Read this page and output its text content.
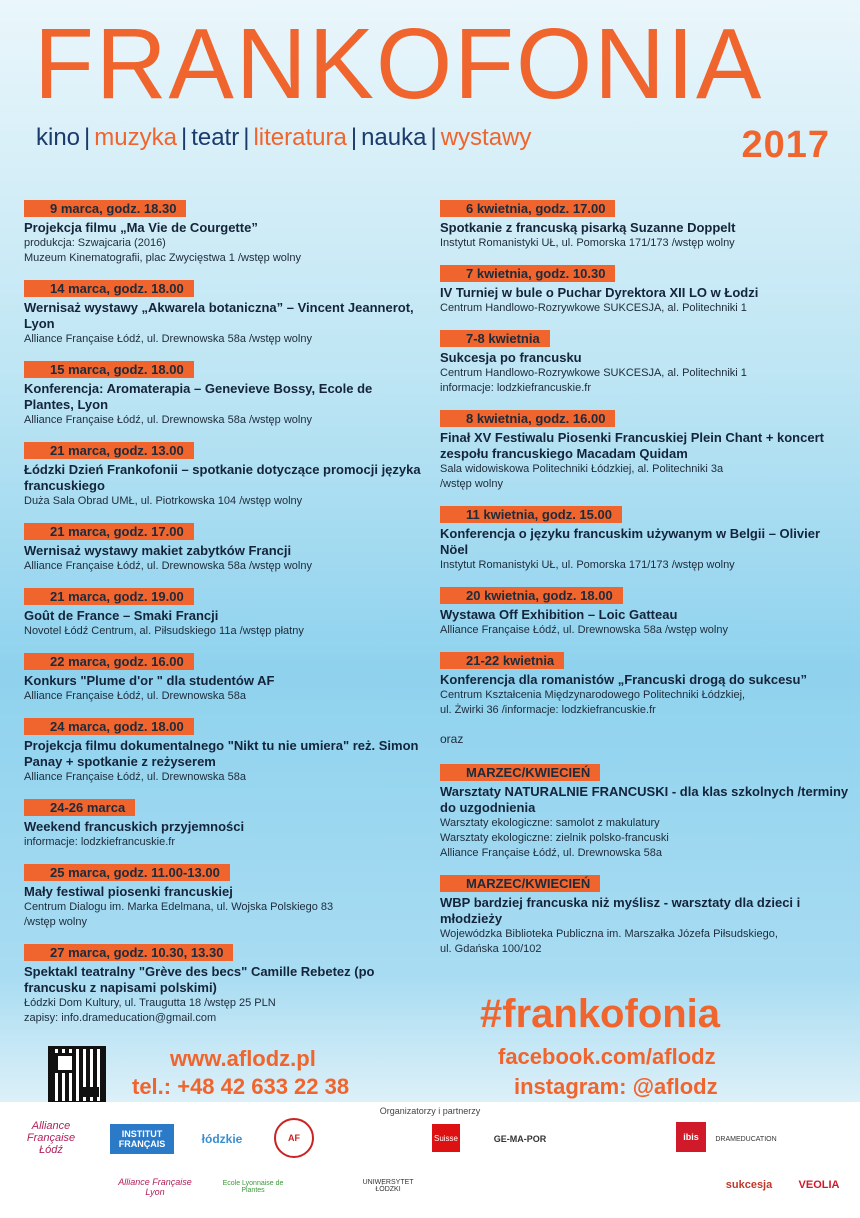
FRANKOFONIA
kino | muzyka | teatr | literatura | nauka | wystawy	2017
9 marca, godz. 18.30
Projekcja filmu „Ma Vie de Courgette”
produkcja: Szwajcaria (2016)
Muzeum Kinematografii, plac Zwycięstwa 1 /wstęp wolny
14 marca, godz. 18.00
Wernisaż wystawy „Akwarela botaniczna” – Vincent Jeannerot, Lyon
Alliance Française Łódź, ul. Drewnowska 58a /wstęp wolny
15 marca, godz. 18.00
Konferencja: Aromaterapia – Genevieve Bossy, Ecole de Plantes, Lyon
Alliance Française Łódź, ul. Drewnowska 58a /wstęp wolny
21 marca, godz. 13.00
Łódzki Dzień Frankofonii – spotkanie dotyczące promocji języka francuskiego
Duża Sala Obrad UMŁ, ul. Piotrkowska 104 /wstęp wolny
21 marca, godz. 17.00
Wernisaż wystawy makiet zabytków Francji
Alliance Française Łódź, ul. Drewnowska 58a /wstęp wolny
21 marca, godz. 19.00
Goût de France – Smaki Francji
Novotel Łódź Centrum, al. Piłsudskiego 11a /wstęp płatny
22 marca, godz. 16.00
Konkurs "Plume d'or " dla studentów AF
Alliance Française Łódź, ul. Drewnowska 58a
24 marca, godz. 18.00
Projekcja filmu dokumentalnego "Nikt tu nie umiera" reż. Simon Panay + spotkanie z reżyserem
Alliance Française Łódź, ul. Drewnowska 58a
24-26 marca
Weekend francuskich przyjemności
informacje: lodzkiefrancuskie.fr
25 marca, godz. 11.00-13.00
Mały festiwal piosenki francuskiej
Centrum Dialogu im. Marka Edelmana, ul. Wojska Polskiego 83
/wstęp wolny
27 marca, godz. 10.30, 13.30
Spektakl teatralny "Grève des becs" Camille Rebetez (po francusku z napisami polskimi)
Łódzki Dom Kultury, ul. Traugutta 18 /wstęp 25 PLN
zapisy: info.drameducation@gmail.com
6 kwietnia, godz. 17.00
Spotkanie z francuską pisarką Suzanne Doppelt
Instytut Romanistyki UŁ, ul. Pomorska 171/173 /wstęp wolny
7 kwietnia, godz. 10.30
IV Turniej w bule o Puchar Dyrektora XII LO w Łodzi
Centrum Handlowo-Rozrywkowe SUKCESJA, al. Politechniki 1
7-8 kwietnia
Sukcesja po francusku
Centrum Handlowo-Rozrywkowe SUKCESJA, al. Politechniki 1
informacje: lodzkiefrancuskie.fr
8 kwietnia, godz. 16.00
Finał XV Festiwalu Piosenki Francuskiej Plein Chant + koncert zespołu francuskiego Macadam Quidam
Sala widowiskowa Politechniki Łódzkiej, al. Politechniki 3a
/wstęp wolny
11 kwietnia, godz. 15.00
Konferencja o języku francuskim używanym w Belgii – Olivier Nöel
Instytut Romanistyki UŁ, ul. Pomorska 171/173 /wstęp wolny
20 kwietnia, godz. 18.00
Wystawa Off Exhibition – Loic Gatteau
Alliance Française Łódź, ul. Drewnowska 58a /wstęp wolny
21-22 kwietnia
Konferencja dla romanistów „Francuski drogą do sukcesu”
Centrum Kształcenia Międzynarodowego Politechniki Łódzkiej,
ul. Żwirki 36 /informacje: lodzkiefrancuskie.fr
oraz
MARZEC/KWIECIEŃ
Warsztaty NATURALNIE FRANCUSKI - dla klas szkolnych /terminy do uzgodnienia
Warsztaty ekologiczne: samolot z makulatury
Warsztaty ekologiczne: zielnik polsko-francuski
Alliance Française Łódź, ul. Drewnowska 58a
MARZEC/KWIECIEŃ
WBP bardziej francuska niż myślisz - warsztaty dla dzieci i młodzieży
Wojewódzka Biblioteka Publiczna im. Marszałka Józefa Piłsudskiego,
ul. Gdańska 100/102
www.aflodz.pl
tel.: +48 42 633 22 38
#frankofonia
facebook.com/aflodz
instagram: @aflodz
Organizatorzy i partnerzy
Alliance Française Łódź
INSTITUT FRANÇAIS	łódzkie	AF	Suisse	GE-MA-POR	ibis	DRAMEDUCATION
sukcesja	VEOLIA
UNIWERSYTET ŁÓDZKI
Alliance Française Lyon
Ecole Lyonnaise de Plantes
